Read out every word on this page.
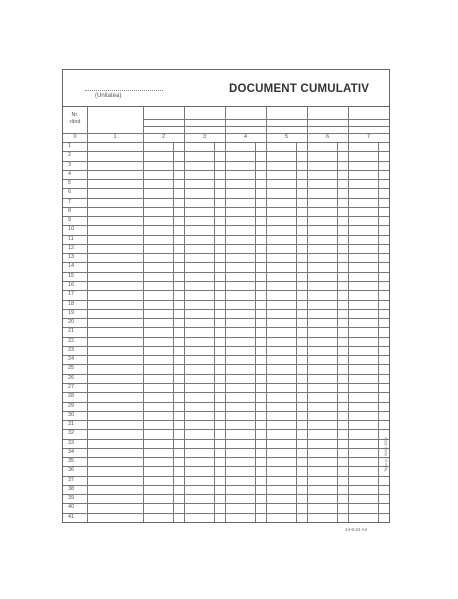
(Unitatea)
DOCUMENT CUMULATIV
Nr.
rând
0	1	2	3	4	5	6	7
1
2
3
4
5
6
7
8
9
10
11
12
13
14
15
16
17
18
19
20
21
22
23
24
25
26
27
28
29
30
31
32
33
34
35
36
37
38
39
40
41
Tipar (c) 0000 2004
14-6-24 A4
